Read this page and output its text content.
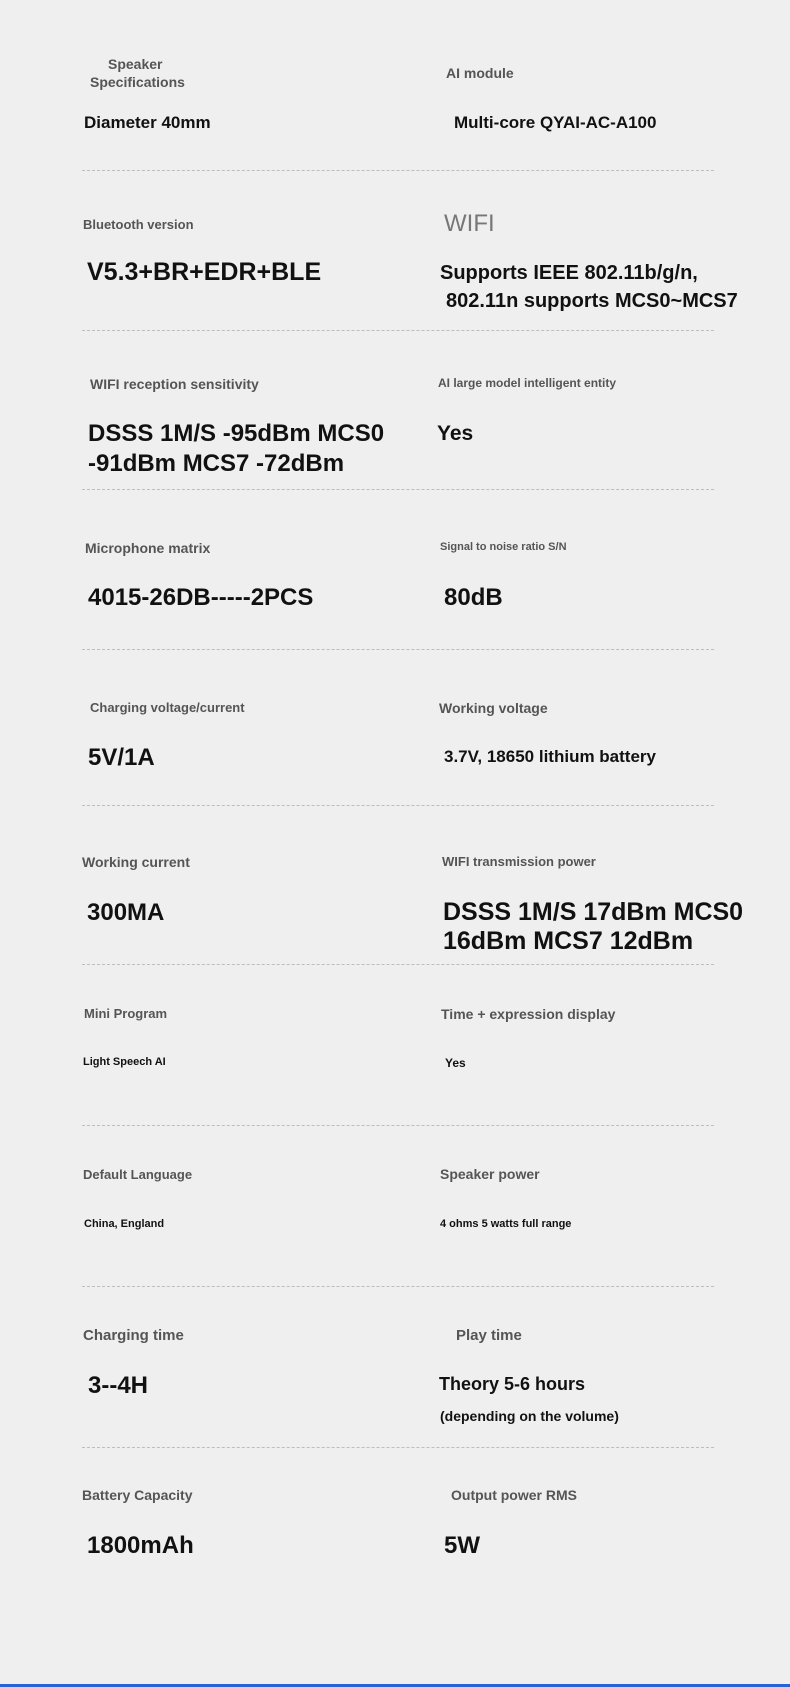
Speaker
Specifications
Diameter 40mm
AI module
Multi-core QYAI-AC-A100
Bluetooth version
V5.3+BR+EDR+BLE
WIFI
Supports IEEE 802.11b/g/n,
802.11n supports MCS0~MCS7
WIFI reception sensitivity
DSSS 1M/S -95dBm MCS0
-91dBm MCS7 -72dBm
AI large model intelligent entity
Yes
Microphone matrix
4015-26DB-----2PCS
Signal to noise ratio S/N
80dB
Charging voltage/current
5V/1A
Working voltage
3.7V, 18650 lithium battery
Working current
300MA
WIFI transmission power
DSSS 1M/S 17dBm MCS0
16dBm MCS7 12dBm
Mini Program
Light Speech AI
Time + expression display
Yes
Default Language
China, England
Speaker power
4 ohms 5 watts full range
Charging time
3--4H
Play time
Theory 5-6 hours
(depending on the volume)
Battery Capacity
1800mAh
Output power RMS
5W
